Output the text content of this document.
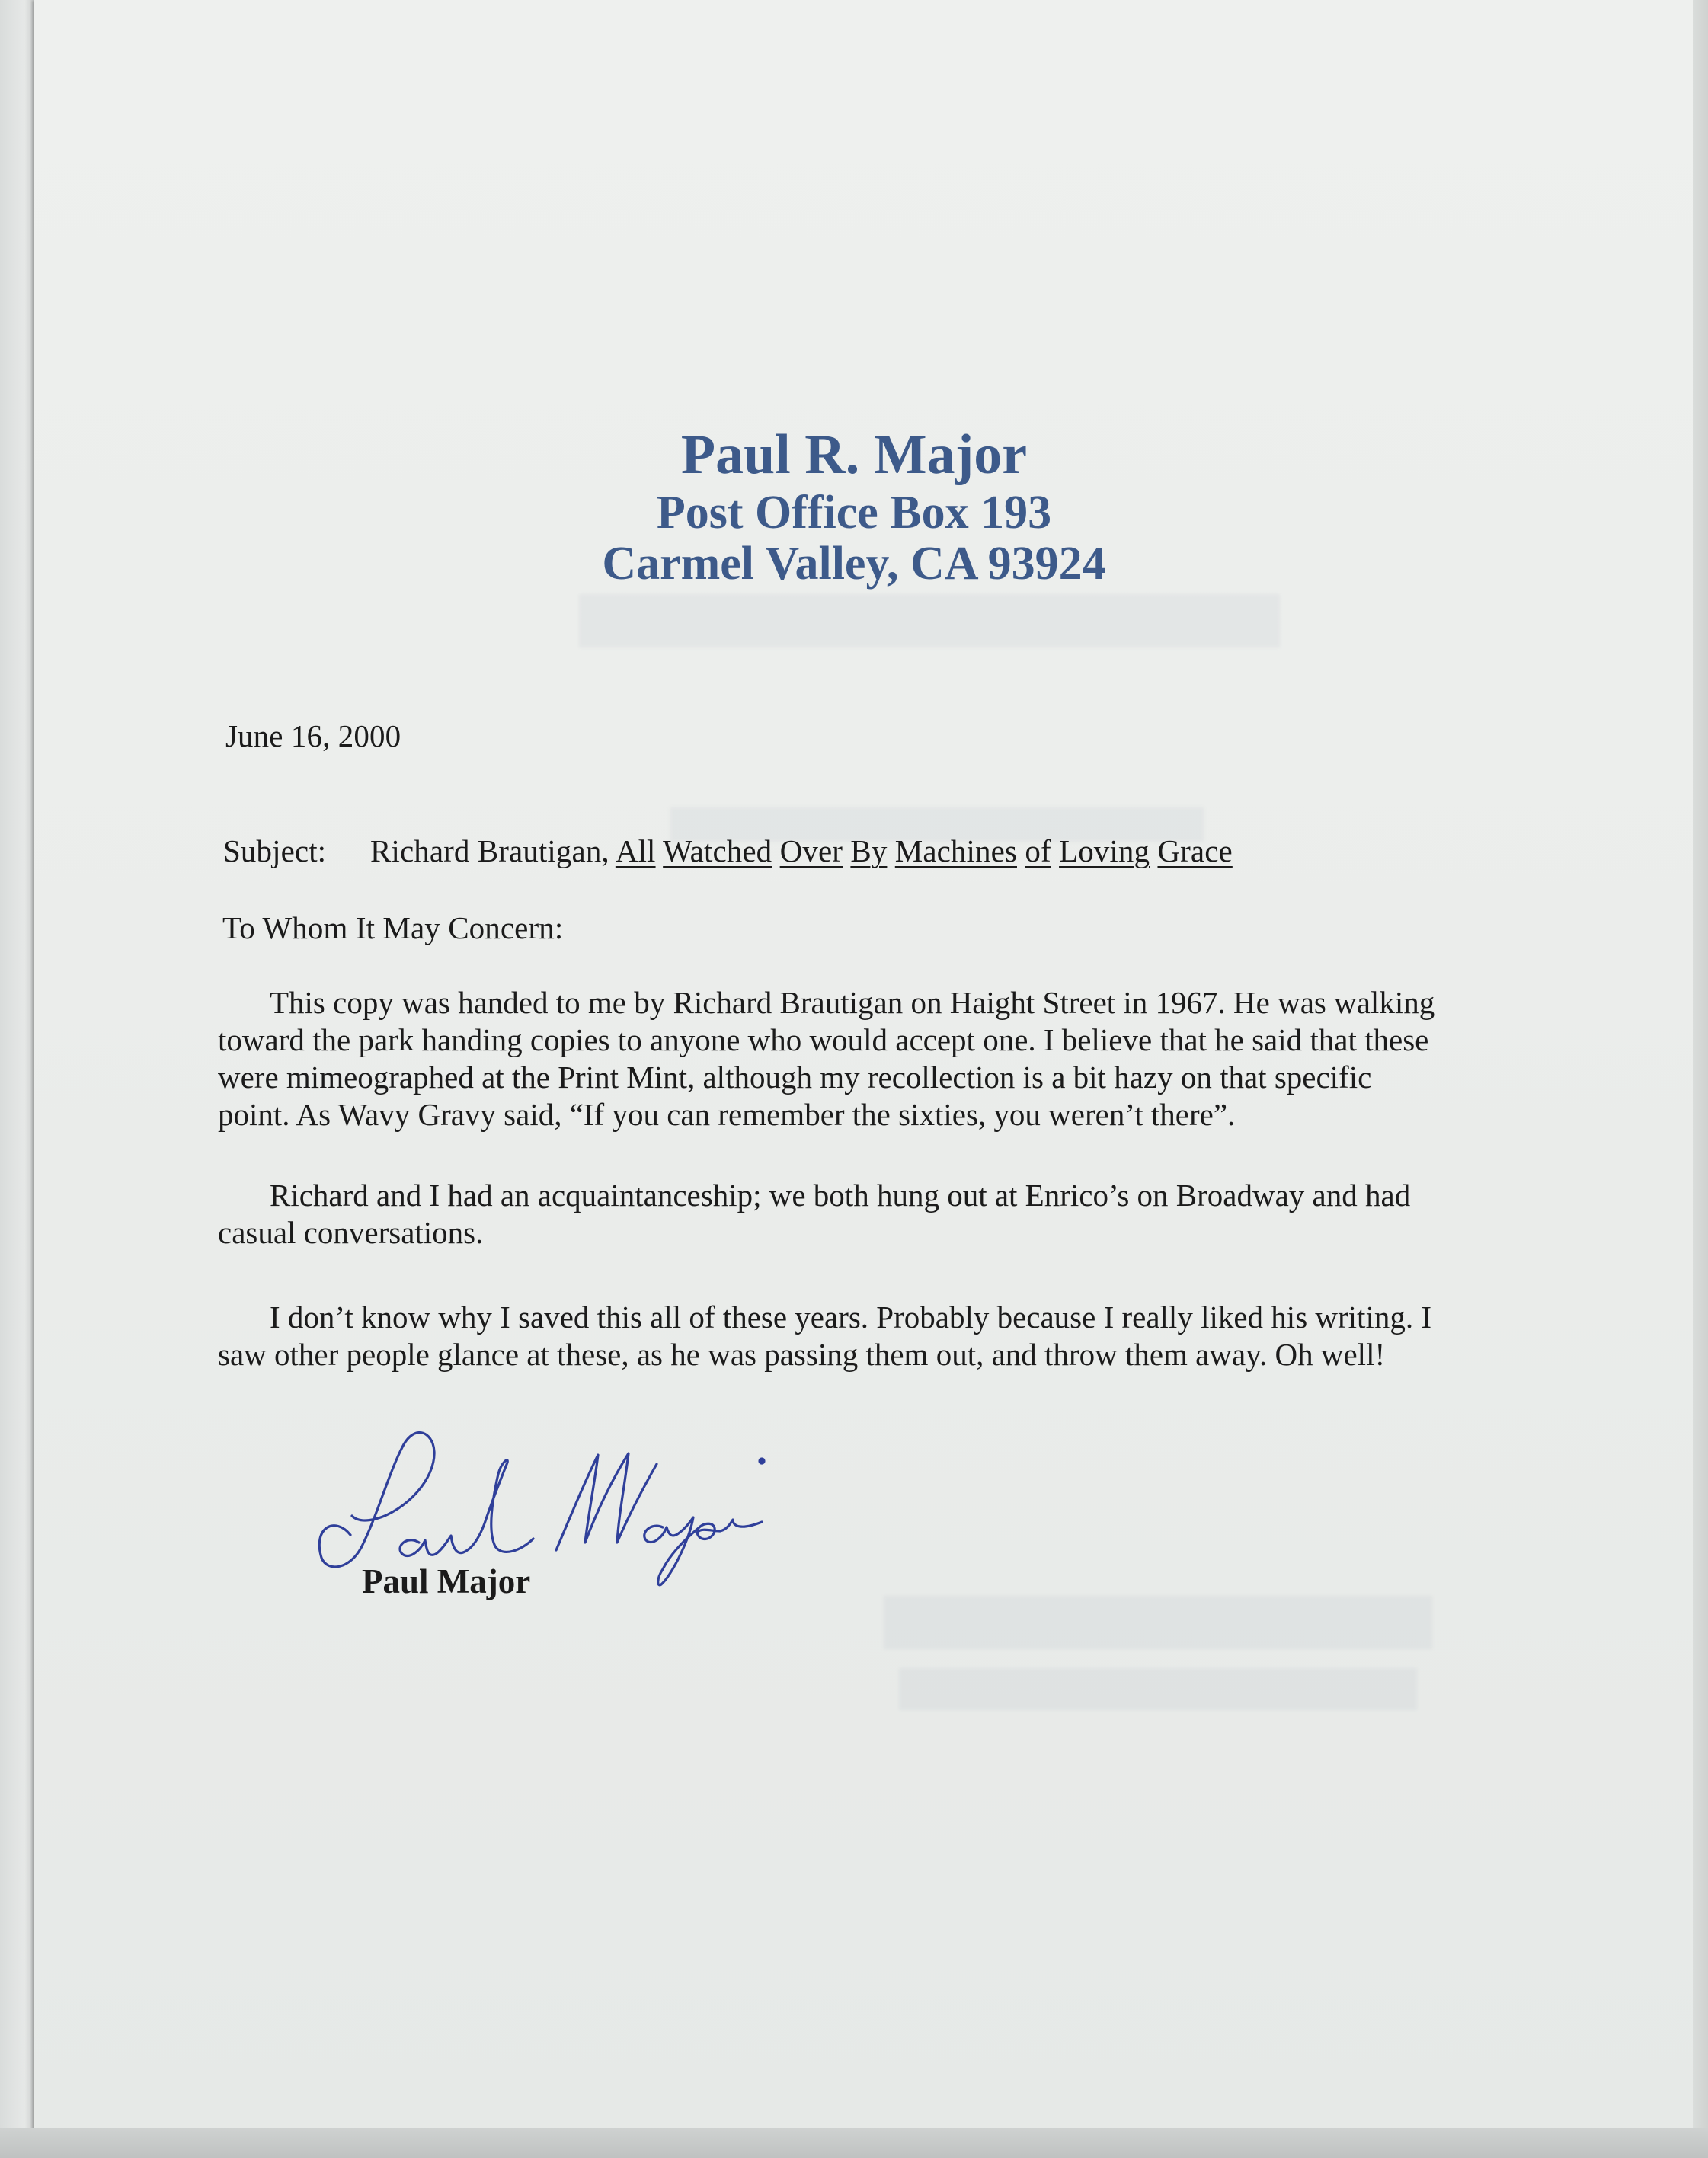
Paul R. Major
Post Office Box 193
Carmel Valley, CA 93924
June 16, 2000
Subject: Richard Brautigan, All Watched Over By Machines of Loving Grace
To Whom It May Concern:
This copy was handed to me by Richard Brautigan on Haight Street in 1967. He was walking
toward the park handing copies to anyone who would accept one. I believe that he said that these
were mimeographed at the Print Mint, although my recollection is a bit hazy on that specific
point. As Wavy Gravy said, “If you can remember the sixties, you weren’t there”.
Richard and I had an acquaintanceship; we both hung out at Enrico’s on Broadway and had
casual conversations.
I don’t know why I saved this all of these years. Probably because I really liked his writing. I
saw other people glance at these, as he was passing them out, and throw them away. Oh well!
Paul Major
